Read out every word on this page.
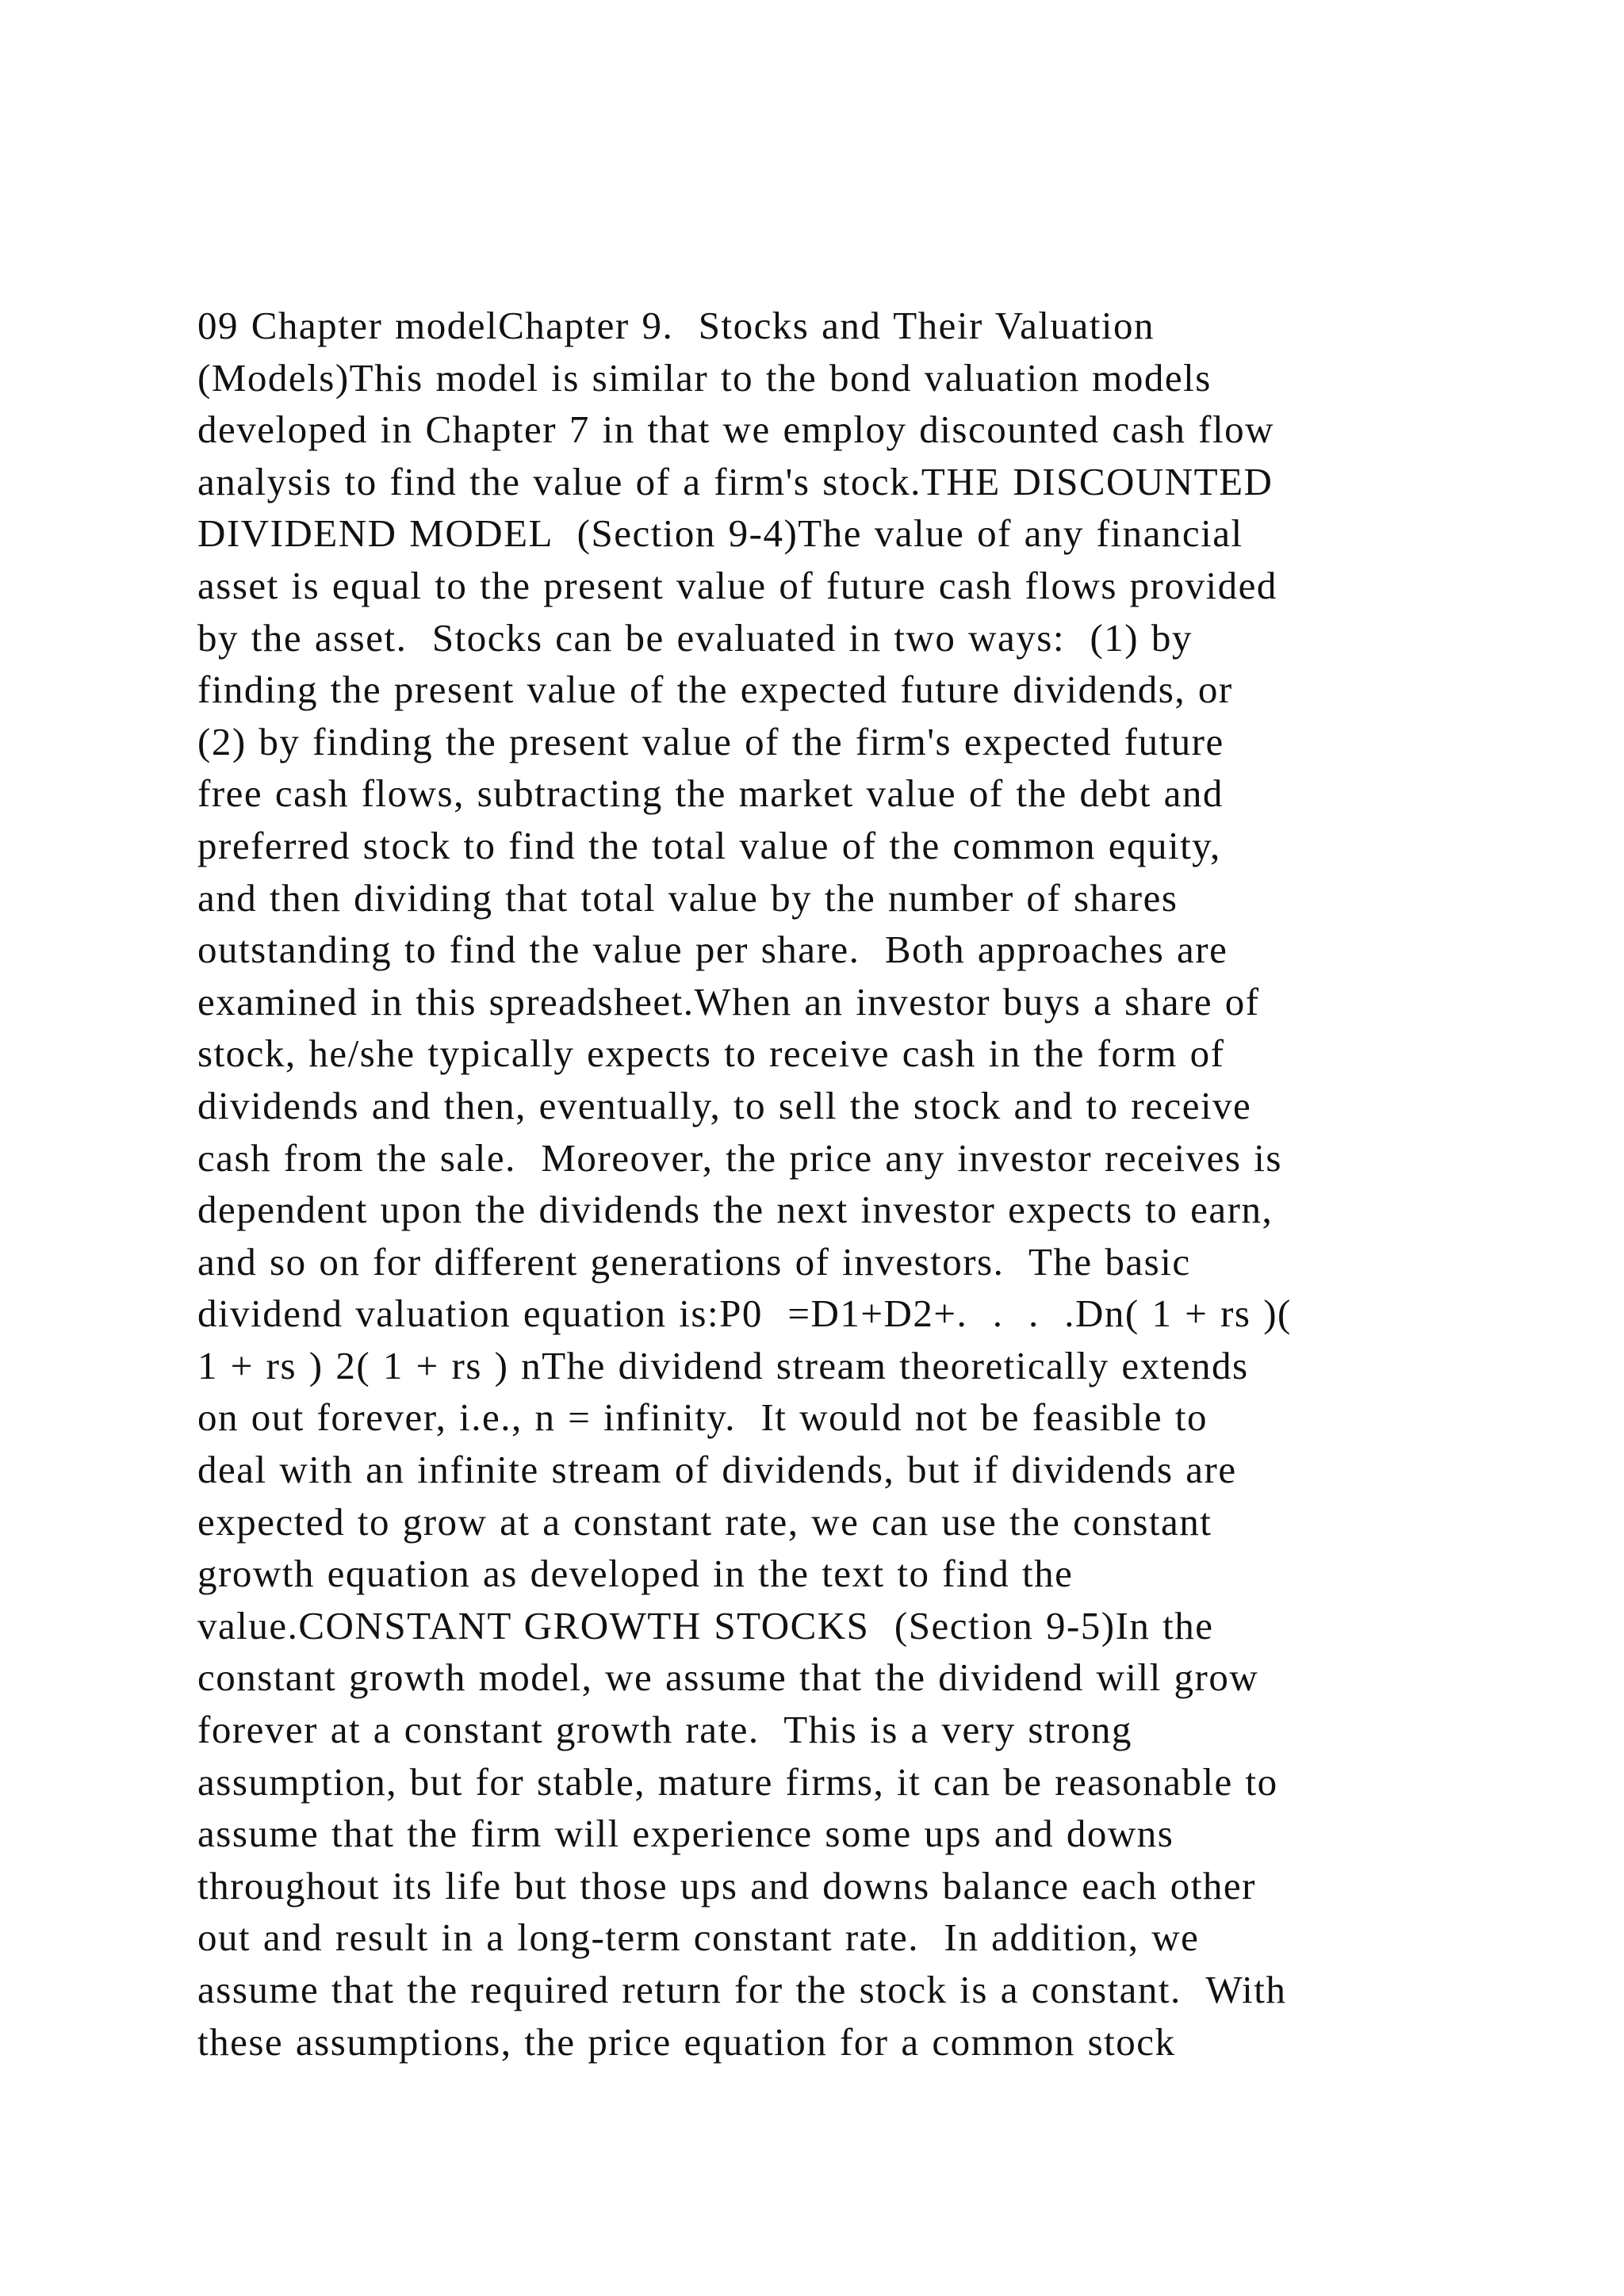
09 Chapter modelChapter 9.  Stocks and Their Valuation
(Models)This model is similar to the bond valuation models
developed in Chapter 7 in that we employ discounted cash flow
analysis to find the value of a firm's stock.THE DISCOUNTED
DIVIDEND MODEL  (Section 9-4)The value of any financial
asset is equal to the present value of future cash flows provided
by the asset.  Stocks can be evaluated in two ways:  (1) by
finding the present value of the expected future dividends, or
(2) by finding the present value of the firm's expected future
free cash flows, subtracting the market value of the debt and
preferred stock to find the total value of the common equity,
and then dividing that total value by the number of shares
outstanding to find the value per share.  Both approaches are
examined in this spreadsheet.When an investor buys a share of
stock, he/she typically expects to receive cash in the form of
dividends and then, eventually, to sell the stock and to receive
cash from the sale.  Moreover, the price any investor receives is
dependent upon the dividends the next investor expects to earn,
and so on for different generations of investors.  The basic
dividend valuation equation is:P0  =D1+D2+.  .  .  .Dn( 1 + rs )(
1 + rs ) 2( 1 + rs ) nThe dividend stream theoretically extends
on out forever, i.e., n = infinity.  It would not be feasible to
deal with an infinite stream of dividends, but if dividends are
expected to grow at a constant rate, we can use the constant
growth equation as developed in the text to find the
value.CONSTANT GROWTH STOCKS  (Section 9-5)In the
constant growth model, we assume that the dividend will grow
forever at a constant growth rate.  This is a very strong
assumption, but for stable, mature firms, it can be reasonable to
assume that the firm will experience some ups and downs
throughout its life but those ups and downs balance each other
out and result in a long-term constant rate.  In addition, we
assume that the required return for the stock is a constant.  With
these assumptions, the price equation for a common stock
